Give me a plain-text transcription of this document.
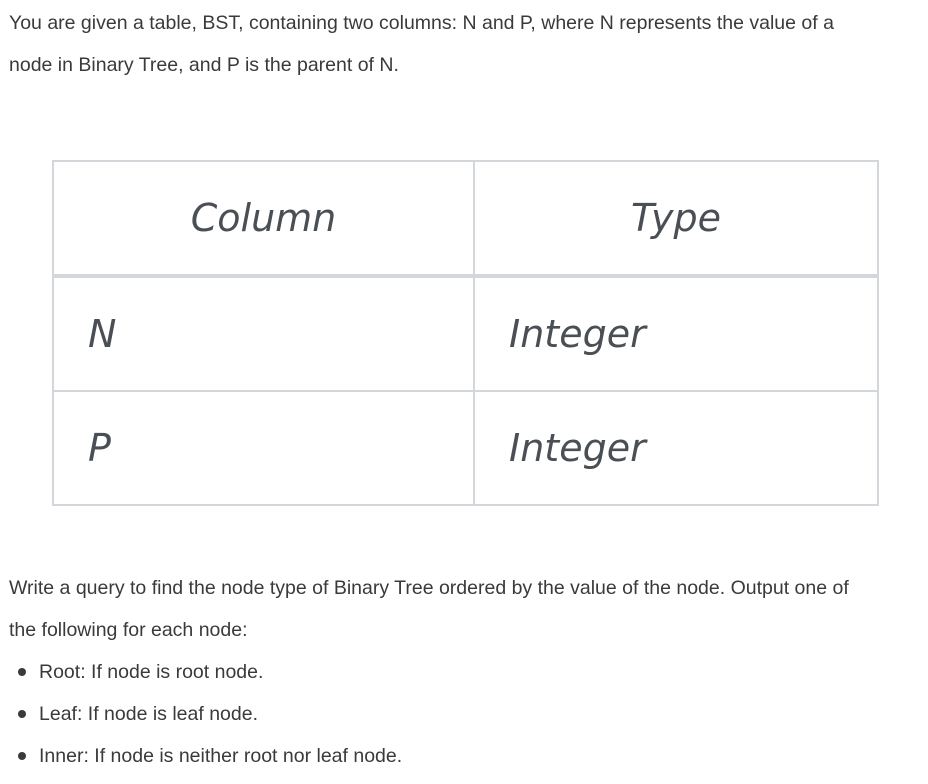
You are given a table, BST, containing two columns: N and P, where N represents the value of a
node in Binary Tree, and P is the parent of N.

Column	Type
N	Integer
P	Integer

Write a query to find the node type of Binary Tree ordered by the value of the node. Output one of
the following for each node:

Root: If node is root node.
Leaf: If node is leaf node.
Inner: If node is neither root nor leaf node.
